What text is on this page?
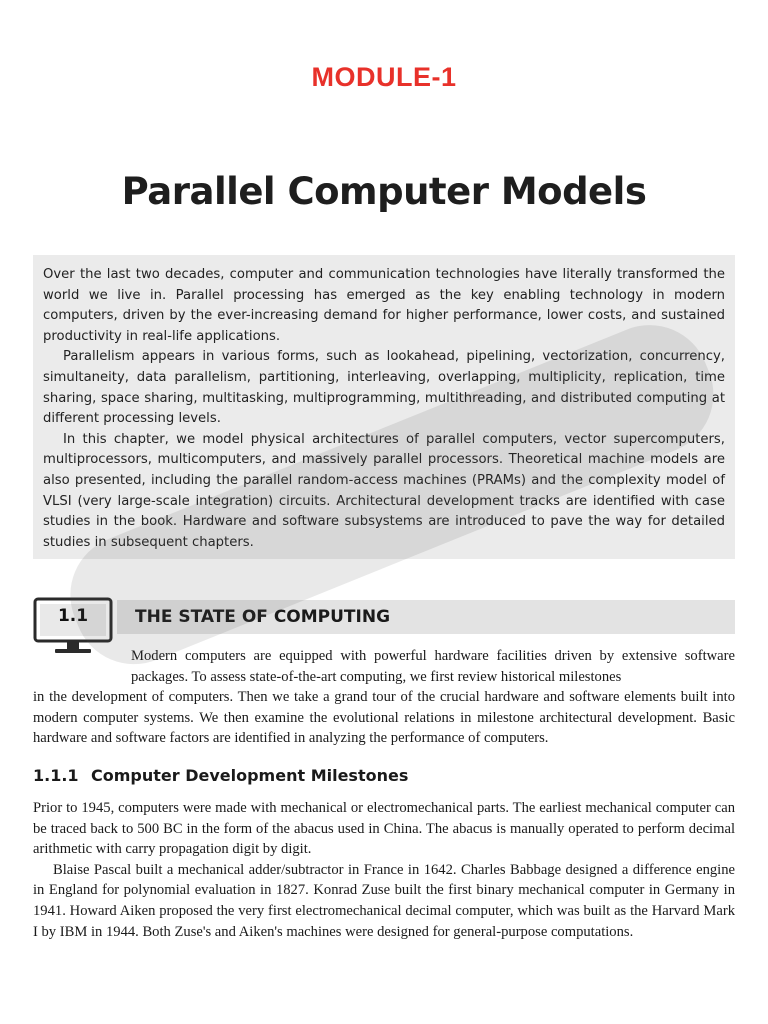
MODULE-1
Parallel Computer Models

Over the last two decades, computer and communication technologies have literally transformed the world we live in. Parallel processing has emerged as the key enabling technology in modern computers, driven by the ever-increasing demand for higher performance, lower costs, and sustained productivity in real-life applications.

Parallelism appears in various forms, such as lookahead, pipelining, vectorization, concurrency, simultaneity, data parallelism, partitioning, interleaving, overlapping, multiplicity, replication, time sharing, space sharing, multitasking, multiprogramming, multithreading, and distributed computing at different processing levels.

In this chapter, we model physical architectures of parallel computers, vector supercomputers, multiprocessors, multicomputers, and massively parallel processors. Theoretical machine models are also presented, including the parallel random-access machines (PRAMs) and the complexity model of VLSI (very large-scale integration) circuits. Architectural development tracks are identified with case studies in the book. Hardware and software subsystems are introduced to pave the way for detailed studies in subsequent chapters.

1.1	THE STATE OF COMPUTING
Modern computers are equipped with powerful hardware facilities driven by extensive software packages. To assess state-of-the-art computing, we first review historical milestones
in the development of computers. Then we take a grand tour of the crucial hardware and software elements built into modern computer systems. We then examine the evolutional relations in milestone architectural development. Basic hardware and software factors are identified in analyzing the performance of computers.
1.1.1 Computer Development Milestones

Prior to 1945, computers were made with mechanical or electromechanical parts. The earliest mechanical computer can be traced back to 500 BC in the form of the abacus used in China. The abacus is manually operated to perform decimal arithmetic with carry propagation digit by digit.

Blaise Pascal built a mechanical adder/subtractor in France in 1642. Charles Babbage designed a difference engine in England for polynomial evaluation in 1827. Konrad Zuse built the first binary mechanical computer in Germany in 1941. Howard Aiken proposed the very first electromechanical decimal computer, which was built as the Harvard Mark I by IBM in 1944. Both Zuse's and Aiken's machines were designed for general-purpose computations.
